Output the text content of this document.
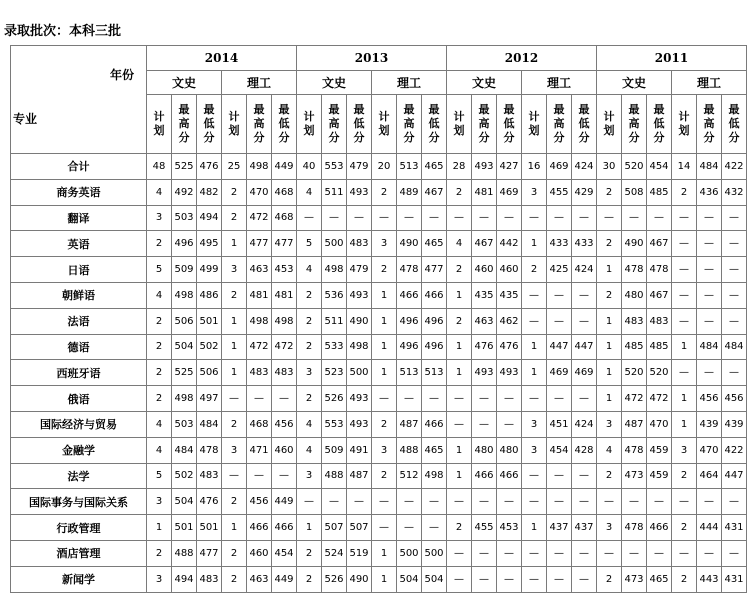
录取批次：本科三批
年份
专业	2014						2013						2012						2011					
	文史			理工			文史			理工			文史			理工			文史			理工		
	计划	最高分	最低分	计划	最高分	最低分	计划	最高分	最低分	计划	最高分	最低分	计划	最高分	最低分	计划	最高分	最低分	计划	最高分	最低分	计划	最高分	最低分
合计	48	525	476	25	498	449	40	553	479	20	513	465	28	493	427	16	469	424	30	520	454	14	484	422
商务英语	4	492	482	2	470	468	4	511	493	2	489	467	2	481	469	3	455	429	2	508	485	2	436	432
翻译	3	503	494	2	472	468	—	—	—	—	—	—	—	—	—	—	—	—	—	—	—	—	—	—
英语	2	496	495	1	477	477	5	500	483	3	490	465	4	467	442	1	433	433	2	490	467	—	—	—
日语	5	509	499	3	463	453	4	498	479	2	478	477	2	460	460	2	425	424	1	478	478	—	—	—
朝鲜语	4	498	486	2	481	481	2	536	493	1	466	466	1	435	435	—	—	—	2	480	467	—	—	—
法语	2	506	501	1	498	498	2	511	490	1	496	496	2	463	462	—	—	—	1	483	483	—	—	—
德语	2	504	502	1	472	472	2	533	498	1	496	496	1	476	476	1	447	447	1	485	485	1	484	484
西班牙语	2	525	506	1	483	483	3	523	500	1	513	513	1	493	493	1	469	469	1	520	520	—	—	—
俄语	2	498	497	—	—	—	2	526	493	—	—	—	—	—	—	—	—	—	1	472	472	1	456	456
国际经济与贸易	4	503	484	2	468	456	4	553	493	2	487	466	—	—	—	3	451	424	3	487	470	1	439	439
金融学	4	484	478	3	471	460	4	509	491	3	488	465	1	480	480	3	454	428	4	478	459	3	470	422
法学	5	502	483	—	—	—	3	488	487	2	512	498	1	466	466	—	—	—	2	473	459	2	464	447
国际事务与国际关系	3	504	476	2	456	449	—	—	—	—	—	—	—	—	—	—	—	—	—	—	—	—	—	—
行政管理	1	501	501	1	466	466	1	507	507	—	—	—	2	455	453	1	437	437	3	478	466	2	444	431
酒店管理	2	488	477	2	460	454	2	524	519	1	500	500	—	—	—	—	—	—	—	—	—	—	—	—
新闻学	3	494	483	2	463	449	2	526	490	1	504	504	—	—	—	—	—	—	2	473	465	2	443	431
